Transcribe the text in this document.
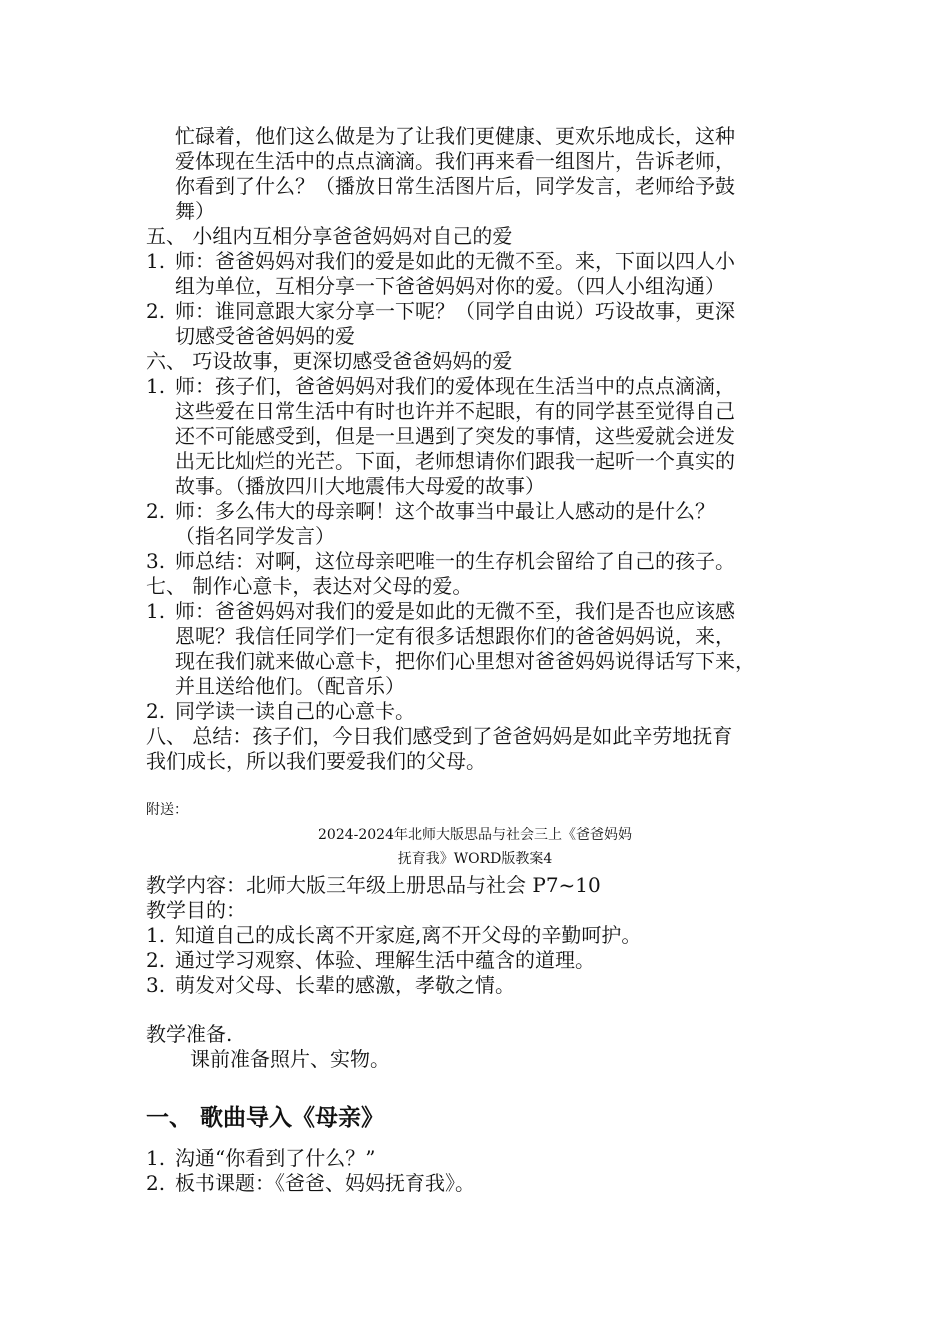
忙碌着，他们这么做是为了让我们更健康、更欢乐地成长，这种
爱体现在生活中的点点滴滴。我们再来看一组图片，告诉老师，
你看到了什么？（播放日常生活图片后，同学发言，老师给予鼓
舞）
五、 小组内互相分享爸爸妈妈对自己的爱
1. 师：爸爸妈妈对我们的爱是如此的无微不至。来，下面以四人小
组为单位，互相分享一下爸爸妈妈对你的爱。（四人小组沟通）
2. 师：谁同意跟大家分享一下呢？（同学自由说）巧设故事，更深
切感受爸爸妈妈的爱
六、 巧设故事，更深切感受爸爸妈妈的爱
1. 师：孩子们，爸爸妈妈对我们的爱体现在生活当中的点点滴滴，
这些爱在日常生活中有时也许并不起眼，有的同学甚至觉得自己
还不可能感受到，但是一旦遇到了突发的事情，这些爱就会迸发
出无比灿烂的光芒。下面，老师想请你们跟我一起听一个真实的
故事。（播放四川大地震伟大母爱的故事）
2. 师：多么伟大的母亲啊！这个故事当中最让人感动的是什么？
（指名同学发言）
3. 师总结：对啊，这位母亲吧唯一的生存机会留给了自己的孩子。
七、 制作心意卡，表达对父母的爱。
1. 师：爸爸妈妈对我们的爱是如此的无微不至，我们是否也应该感
恩呢？我信任同学们一定有很多话想跟你们的爸爸妈妈说，来，
现在我们就来做心意卡，把你们心里想对爸爸妈妈说得话写下来，
并且送给他们。（配音乐）
2. 同学读一读自己的心意卡。
八、 总结：孩子们，今日我们感受到了爸爸妈妈是如此辛劳地抚育
我们成长，所以我们要爱我们的父母。
附送：
2024-2024年北师大版思品与社会三上《爸爸妈妈
抚育我》WORD版教案4
教学内容：北师大版三年级上册思品与社会 P7~10
教学目的：
1. 知道自己的成长离不开家庭,离不开父母的辛勤呵护。
2. 通过学习观察、体验、理解生活中蕴含的道理。
3. 萌发对父母、长辈的感激，孝敬之情。
教学准备.
课前准备照片、实物。
一、 歌曲导入《母亲》
1. 沟通“你看到了什么？”
2. 板书课题：《爸爸、妈妈抚育我》。
